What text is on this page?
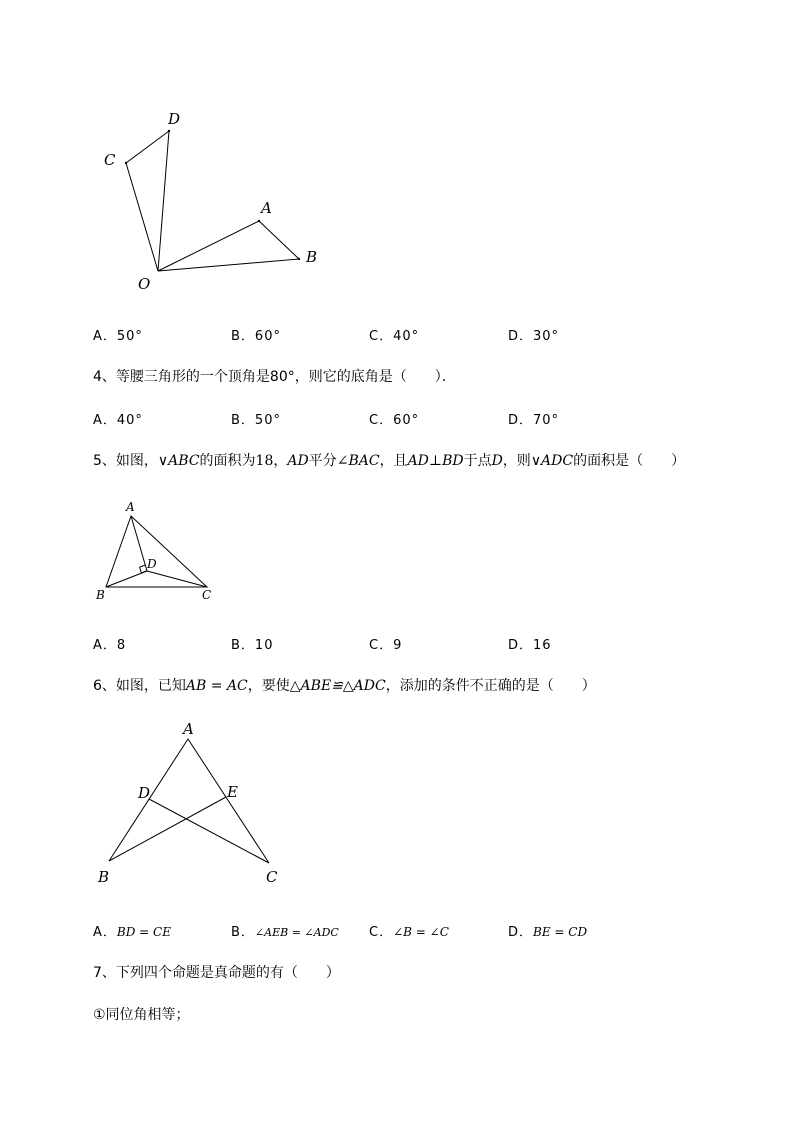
D
C
A
B
O
A．50°	B．60°	C．40°	D．30°
4、等腰三角形的一个顶角是80°，则它的底角是（　　）．
A．40°	B．50°	C．60°	D．70°
5、如图，∨ABC的面积为18，AD平分∠BAC，且AD⊥BD于点D，则∨ADC的面积是（　　）
A
B	C
D
A．8	B．10	C．9	D．16
6、如图，已知AB = AC，要使△ABE≌△ADC，添加的条件不正确的是（　　）
A
D	E
B	C
A．BD = CE	B．∠AEB = ∠ADC C．∠B = ∠C	D．BE = CD
7、下列四个命题是真命题的有（　　）
①同位角相等；
